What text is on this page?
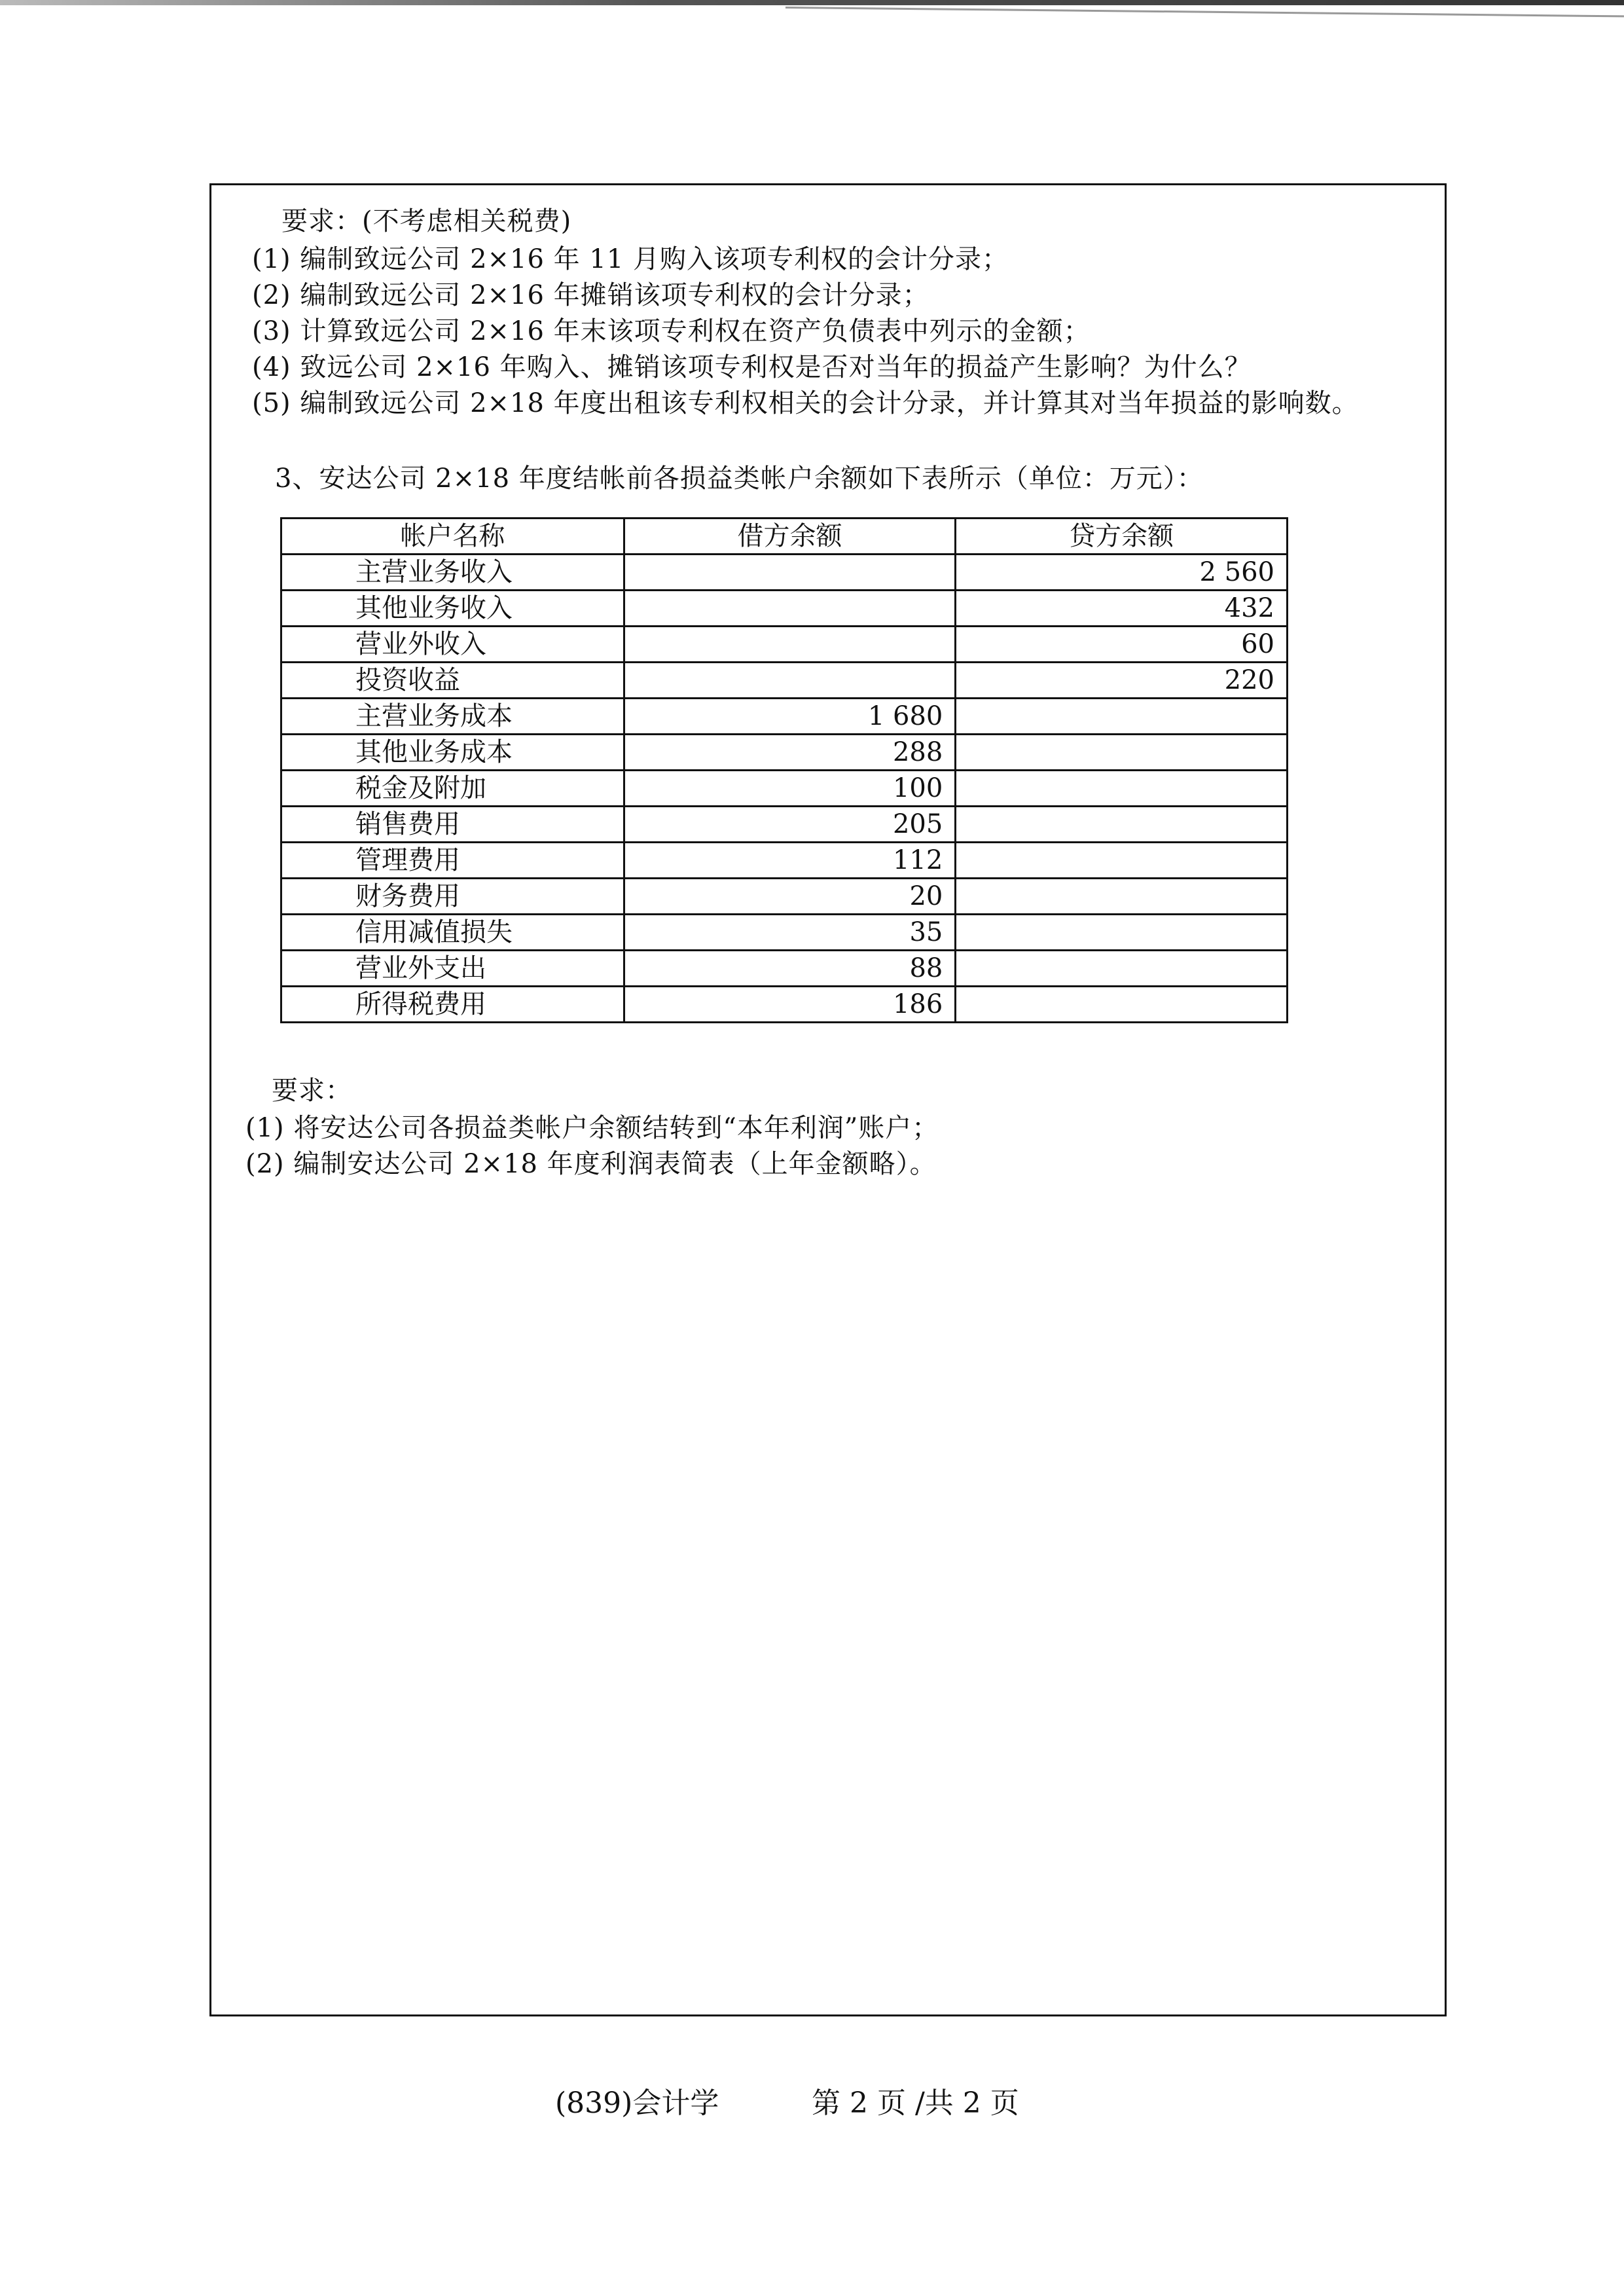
要求：(不考虑相关税费)
(1) 编制致远公司 2×16 年 11 月购入该项专利权的会计分录；
(2) 编制致远公司 2×16 年摊销该项专利权的会计分录；
(3) 计算致远公司 2×16 年末该项专利权在资产负债表中列示的金额；
(4) 致远公司 2×16 年购入、摊销该项专利权是否对当年的损益产生影响？为什么？
(5) 编制致远公司 2×18 年度出租该专利权相关的会计分录，并计算其对当年损益的影响数。
3、安达公司 2×18 年度结帐前各损益类帐户余额如下表所示（单位：万元）：
帐户名称	借方余额	贷方余额
主营业务收入		2 560
其他业务收入		432
营业外收入		60
投资收益		220
主营业务成本	1 680	
其他业务成本	288	
税金及附加	100	
销售费用	205	
管理费用	112	
财务费用	20	
信用减值损失	35	
营业外支出	88	
所得税费用	186	
要求：
(1) 将安达公司各损益类帐户余额结转到“本年利润”账户；
(2) 编制安达公司 2×18 年度利润表简表（上年金额略）。
(839)会计学	第 2 页 /共 2 页
